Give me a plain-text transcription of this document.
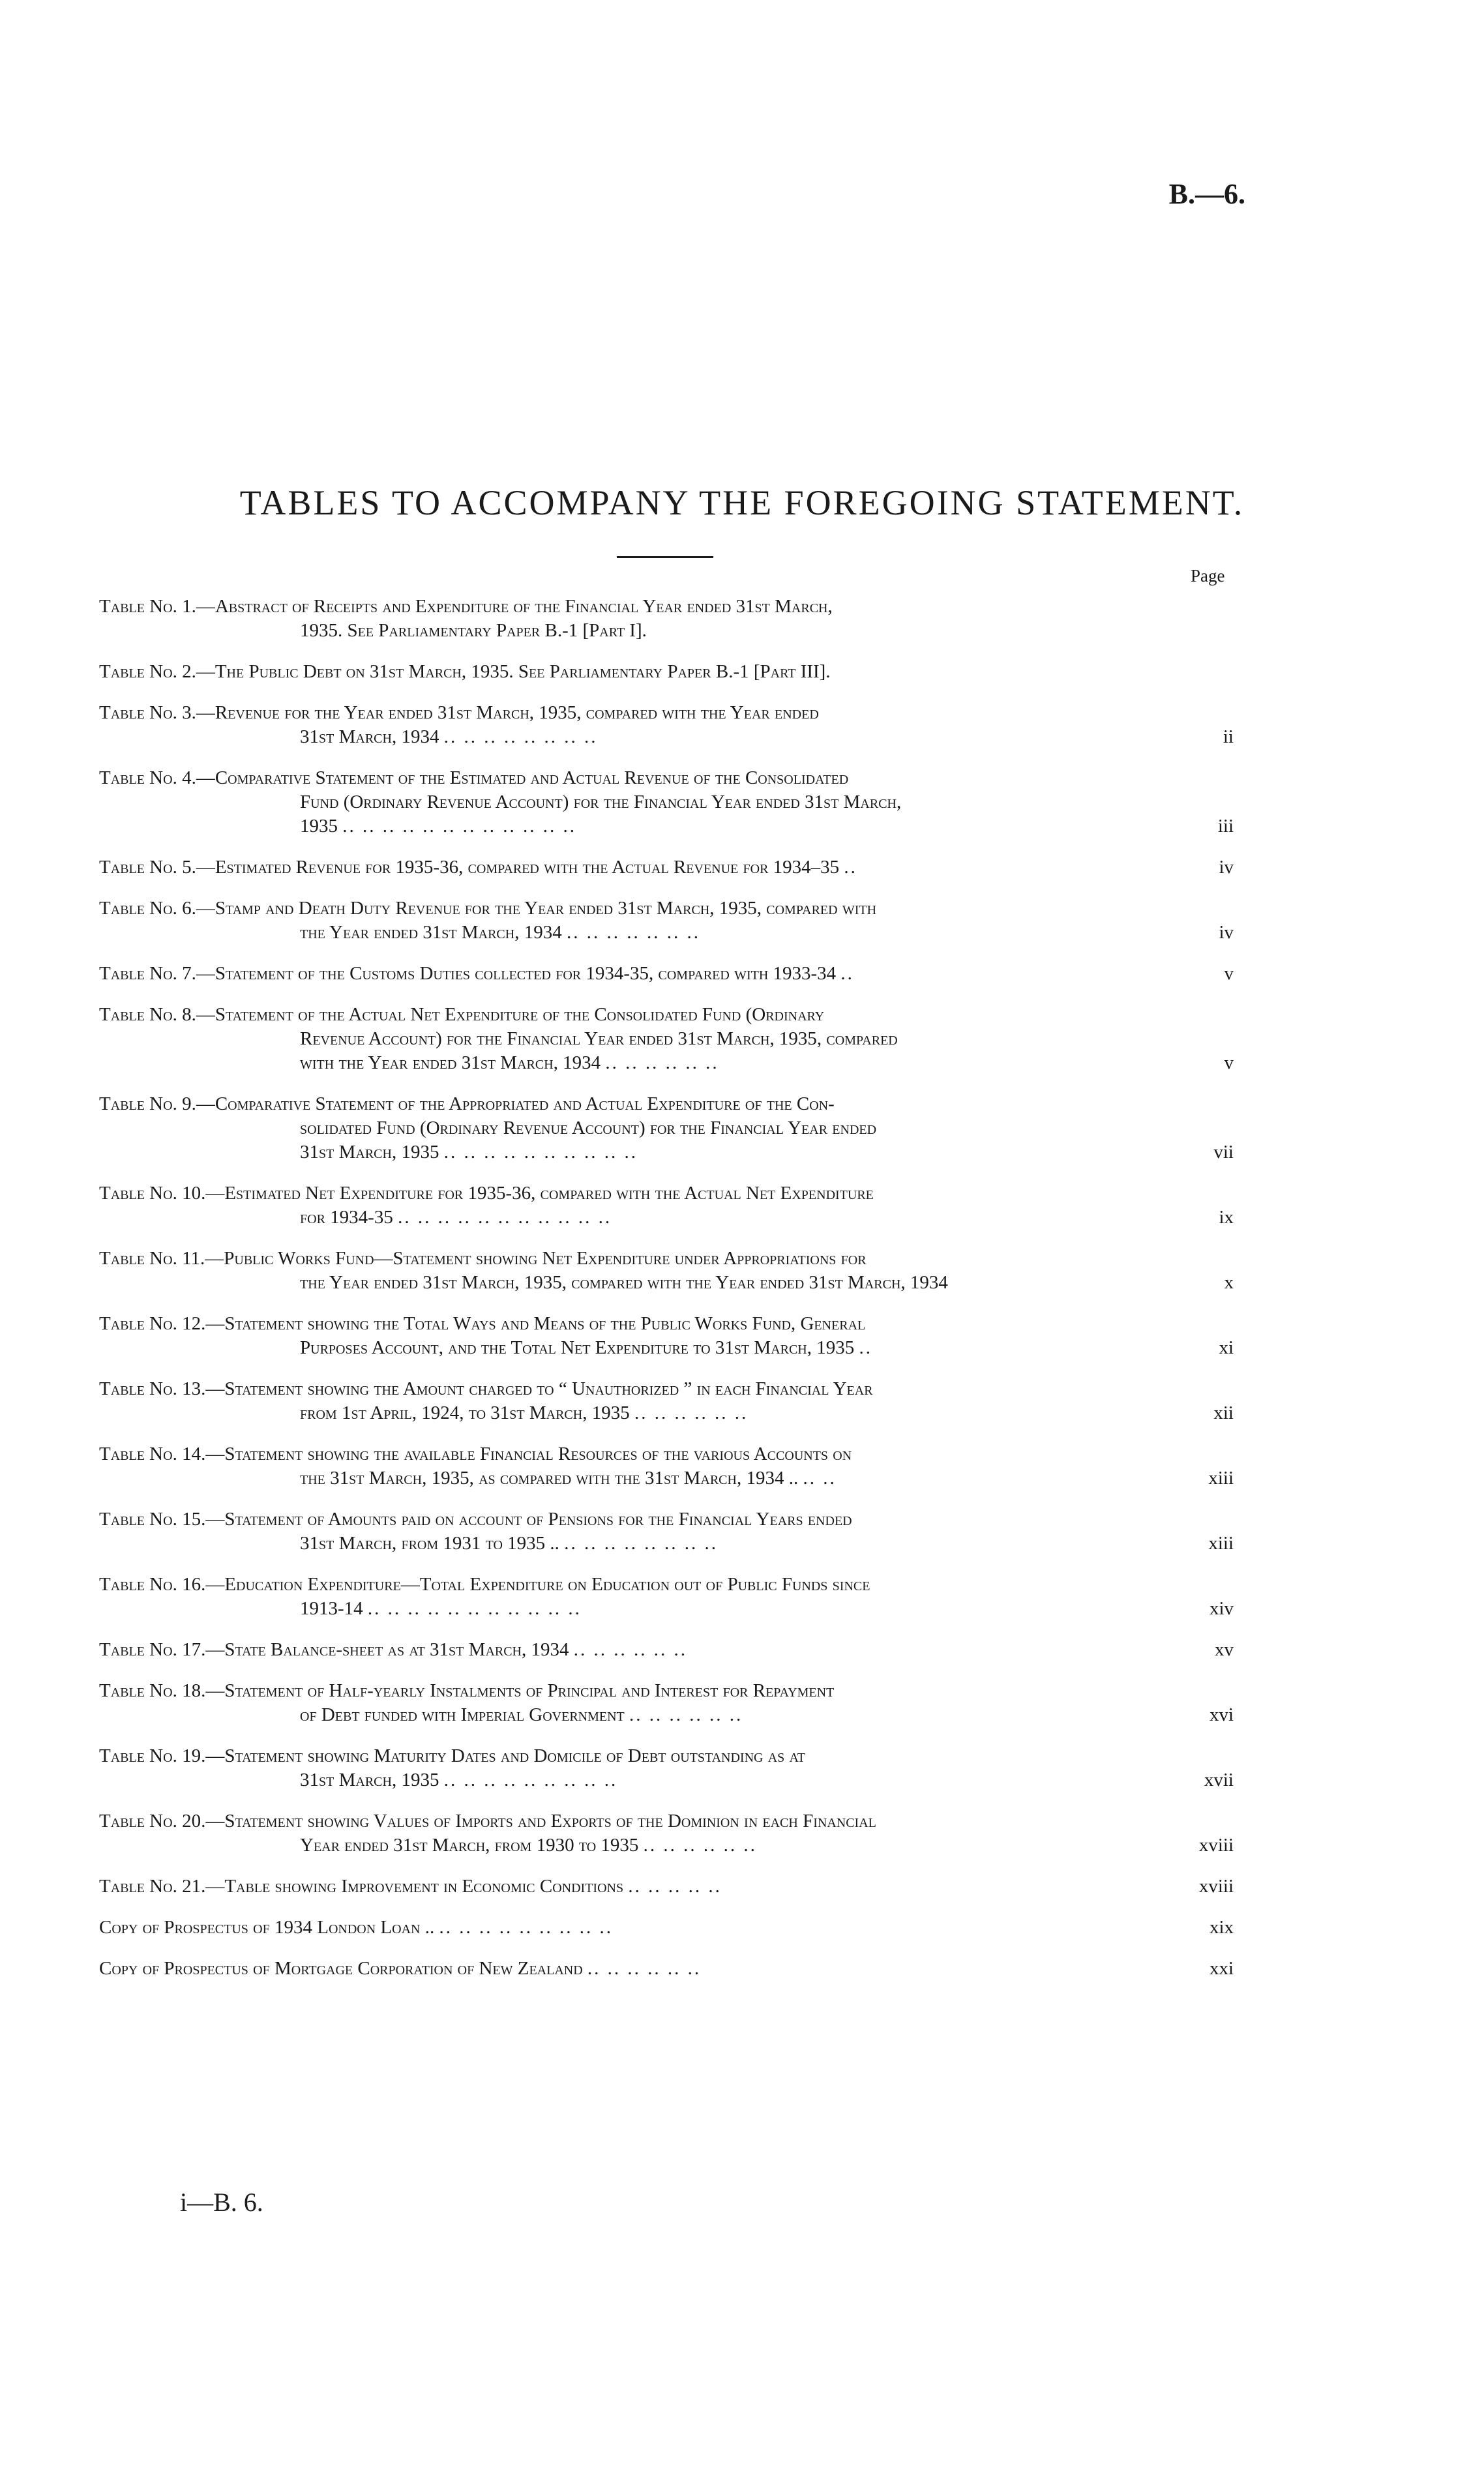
B.—6.
TABLES TO ACCOMPANY THE FOREGOING STATEMENT.
Page
Table No. 1.—Abstract of Receipts and Expenditure of the Financial Year ended 31st March,
1935. See Parliamentary Paper B.-1 [Part I].
Table No. 2.—The Public Debt on 31st March, 1935. See Parliamentary Paper B.-1 [Part III].
Table No. 3.—Revenue for the Year ended 31st March, 1935, compared with the Year ended
31st March, 1934 .. .. .. .. .. .. .. ..	ii
Table No. 4.—Comparative Statement of the Estimated and Actual Revenue of the Consolidated
Fund (Ordinary Revenue Account) for the Financial Year ended 31st March,
1935 .. .. .. .. .. .. .. .. .. .. .. ..	iii
Table No. 5.—Estimated Revenue for 1935-36, compared with the Actual Revenue for 1934–35 ..	iv
Table No. 6.—Stamp and Death Duty Revenue for the Year ended 31st March, 1935, compared with
the Year ended 31st March, 1934 .. .. .. .. .. .. ..	iv
Table No. 7.—Statement of the Customs Duties collected for 1934-35, compared with 1933-34 ..	v
Table No. 8.—Statement of the Actual Net Expenditure of the Consolidated Fund (Ordinary
Revenue Account) for the Financial Year ended 31st March, 1935, compared
with the Year ended 31st March, 1934 .. .. .. .. .. ..	v
Table No. 9.—Comparative Statement of the Appropriated and Actual Expenditure of the Con-
solidated Fund (Ordinary Revenue Account) for the Financial Year ended
31st March, 1935 .. .. .. .. .. .. .. .. .. ..	vii
Table No. 10.—Estimated Net Expenditure for 1935-36, compared with the Actual Net Expenditure
for 1934-35 .. .. .. .. .. .. .. .. .. .. ..	ix
Table No. 11.—Public Works Fund—Statement showing Net Expenditure under Appropriations for
the Year ended 31st March, 1935, compared with the Year ended 31st March, 1934	x
Table No. 12.—Statement showing the Total Ways and Means of the Public Works Fund, General
Purposes Account, and the Total Net Expenditure to 31st March, 1935 ..	xi
Table No. 13.—Statement showing the Amount charged to “ Unauthorized ” in each Financial Year
from 1st April, 1924, to 31st March, 1935 .. .. .. .. .. ..	xii
Table No. 14.—Statement showing the available Financial Resources of the various Accounts on
the 31st March, 1935, as compared with the 31st March, 1934 .. .. ..	xiii
Table No. 15.—Statement of Amounts paid on account of Pensions for the Financial Years ended
31st March, from 1931 to 1935 .. .. .. .. .. .. .. .. ..	xiii
Table No. 16.—Education Expenditure—Total Expenditure on Education out of Public Funds since
1913-14 .. .. .. .. .. .. .. .. .. .. ..	xiv
Table No. 17.—State Balance-sheet as at 31st March, 1934 .. .. .. .. .. ..	xv
Table No. 18.—Statement of Half-yearly Instalments of Principal and Interest for Repayment
of Debt funded with Imperial Government .. .. .. .. .. ..	xvi
Table No. 19.—Statement showing Maturity Dates and Domicile of Debt outstanding as at
31st March, 1935 .. .. .. .. .. .. .. .. ..	xvii
Table No. 20.—Statement showing Values of Imports and Exports of the Dominion in each Financial
Year ended 31st March, from 1930 to 1935 .. .. .. .. .. ..	xviii
Table No. 21.—Table showing Improvement in Economic Conditions .. .. .. .. ..	xviii
Copy of Prospectus of 1934 London Loan .. .. .. .. .. .. .. .. .. ..	xix
Copy of Prospectus of Mortgage Corporation of New Zealand .. .. .. .. .. ..	xxi
i—B. 6.
